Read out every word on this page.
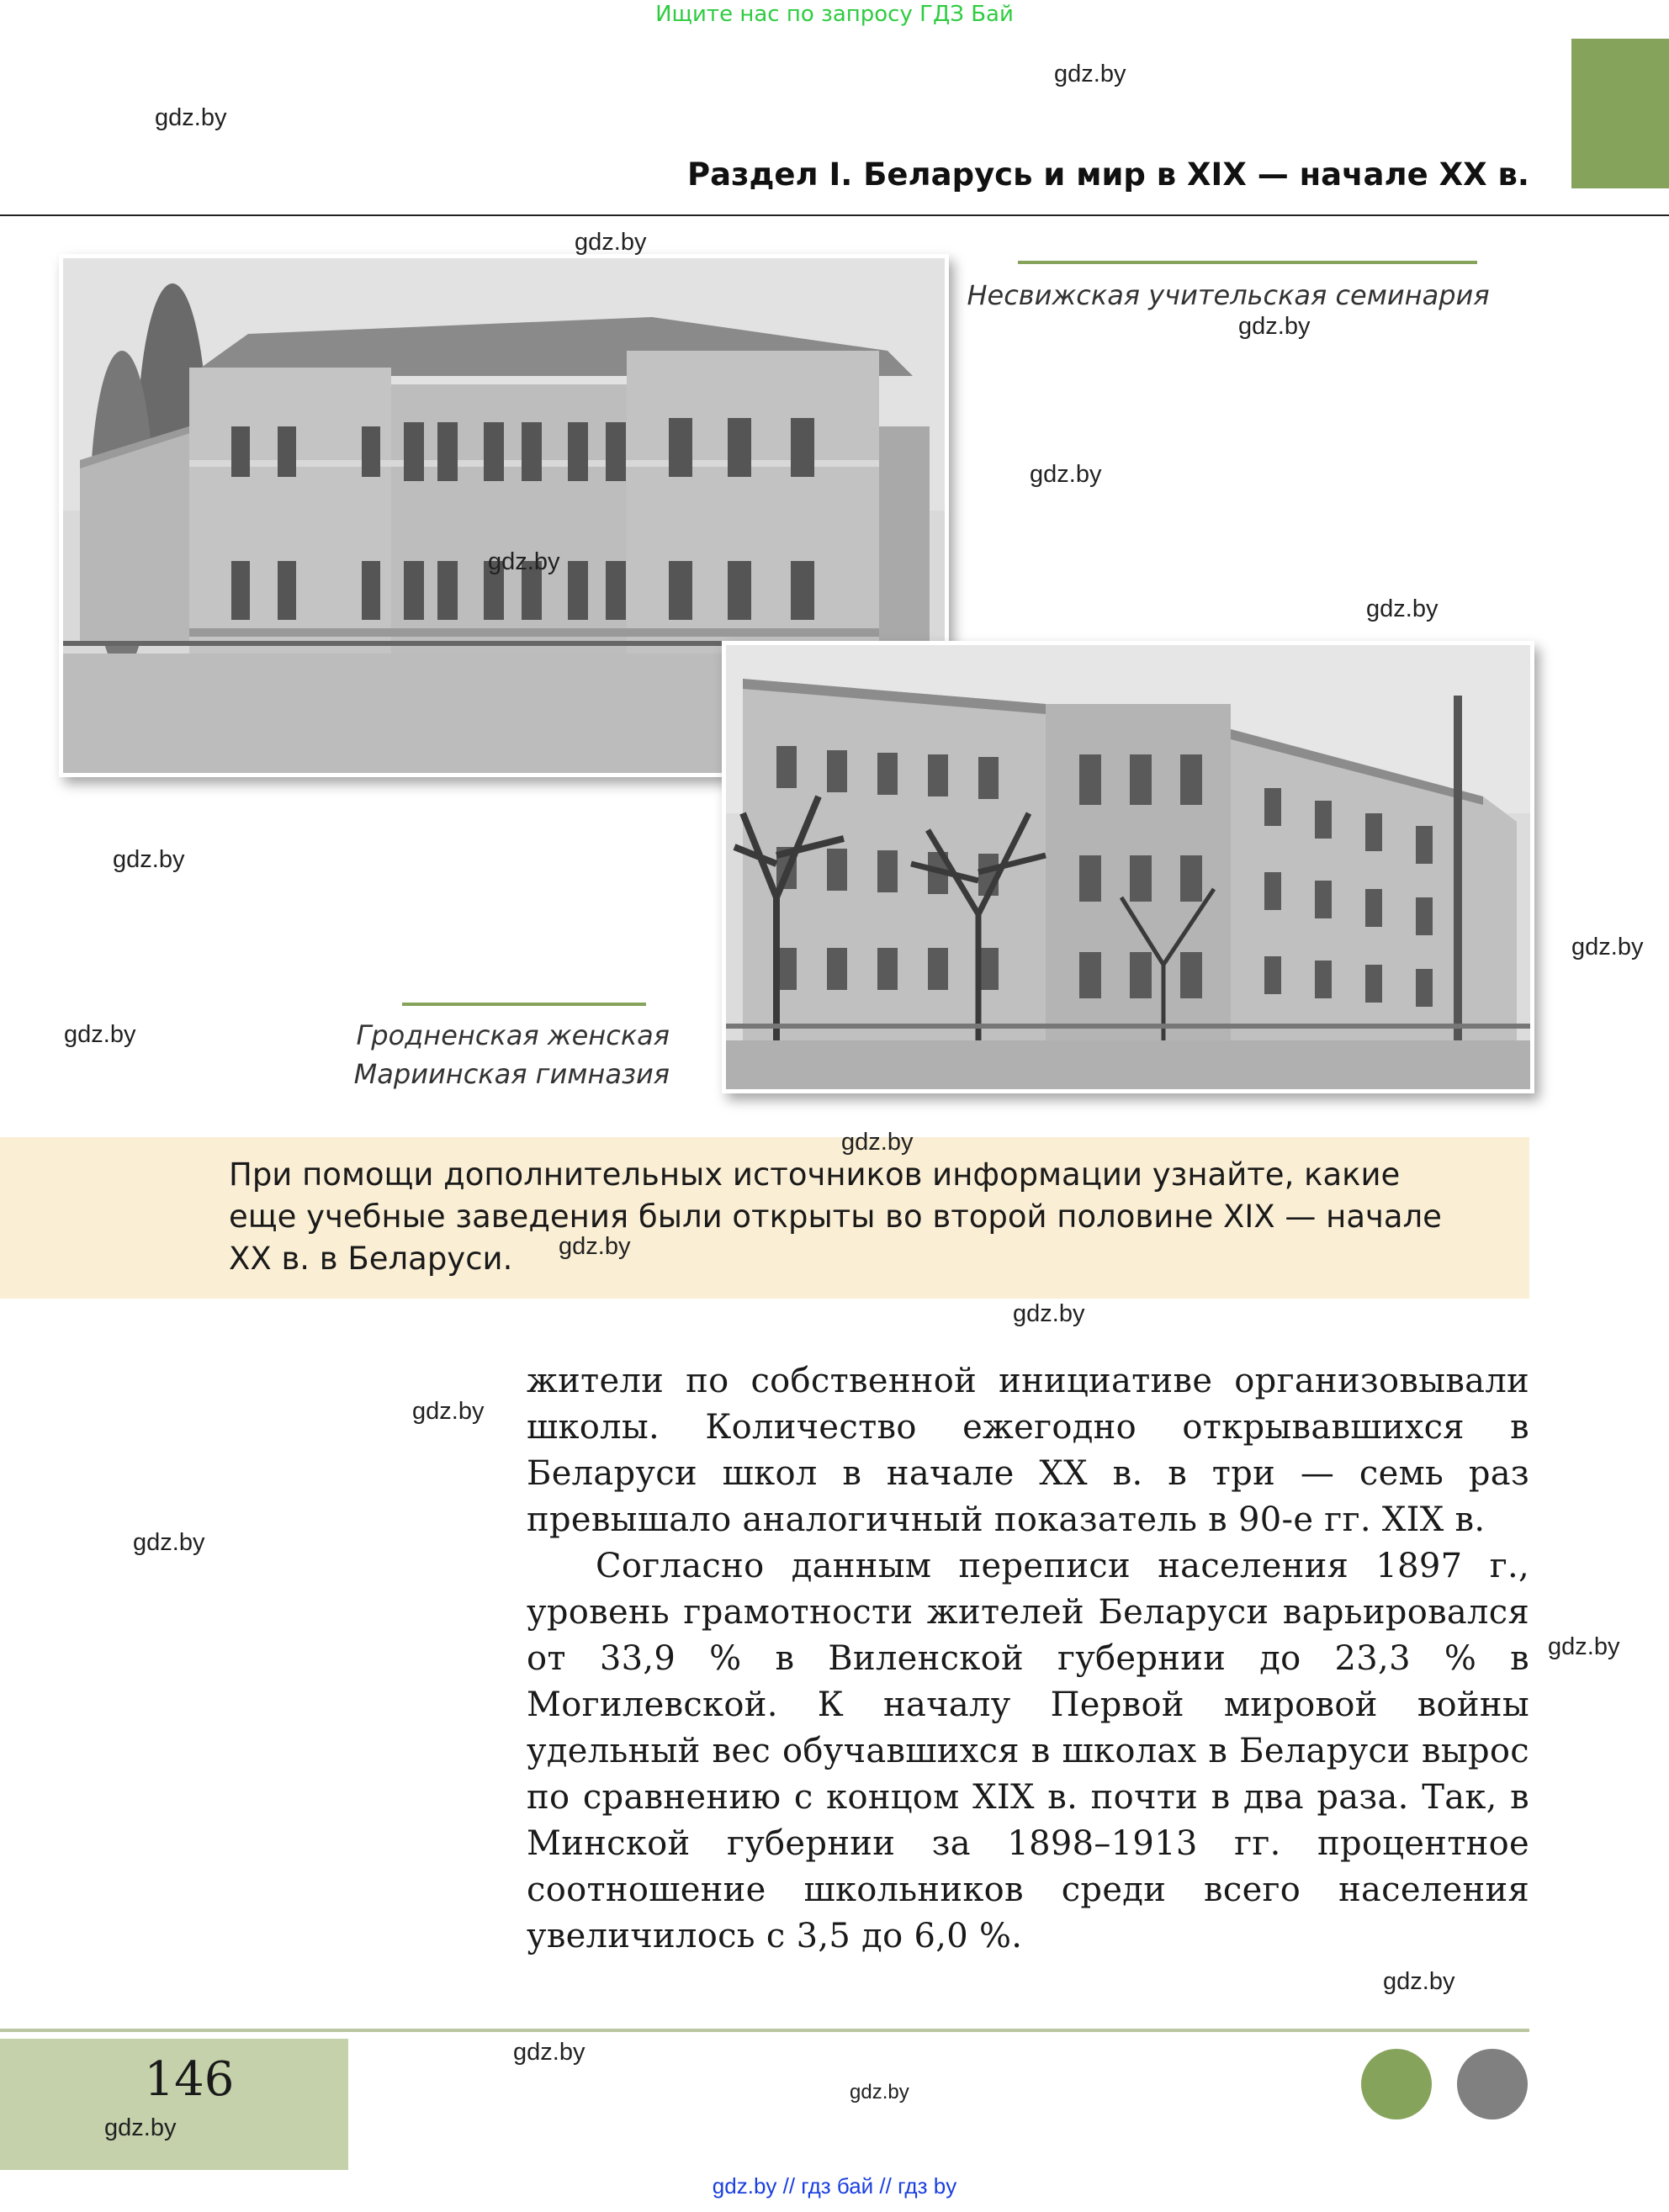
Ищите нас по запросу ГДЗ Бай
gdz.by
gdz.by
Раздел I. Беларусь и мир в XIX — начале XX в.
Несвижская учительская семинария
gdz.by
gdz.by
gdz.by
gdz.by
gdz.by
Гродненская женская
Мариинская гимназия
gdz.by
gdz.by
gdz.by
gdz.by
При помощи дополнительных источников информации узнайте, какие еще учебные заведения были открыты во второй половине XIX — начале XX в. в Беларуси.	gdz.by
gdz.by
gdz.by
gdz.by
gdz.by

жители по собственной инициативе организовывали школы. Количество ежегодно открывавшихся в Беларуси школ в начале XX в. в три — семь раз превышало аналогичный показатель в 90-е гг. XIX в.

Согласно данным переписи населения 1897 г., уровень грамотности жителей Беларуси варьировался от 33,9 % в Виленской губернии до 23,3 % в Могилевской. К началу Первой мировой войны удельный вес обучавшихся в школах в Беларуси вырос по сравнению с концом XIX в. почти в два раза. Так, в Минской губернии за 1898–1913 гг. процентное соотношение школьников среди всего населения увеличилось с 3,5 до 6,0 %.

gdz.by
146
gdz.by
gdz.by
gdz.by
gdz.by // гдз бай // гдз by
